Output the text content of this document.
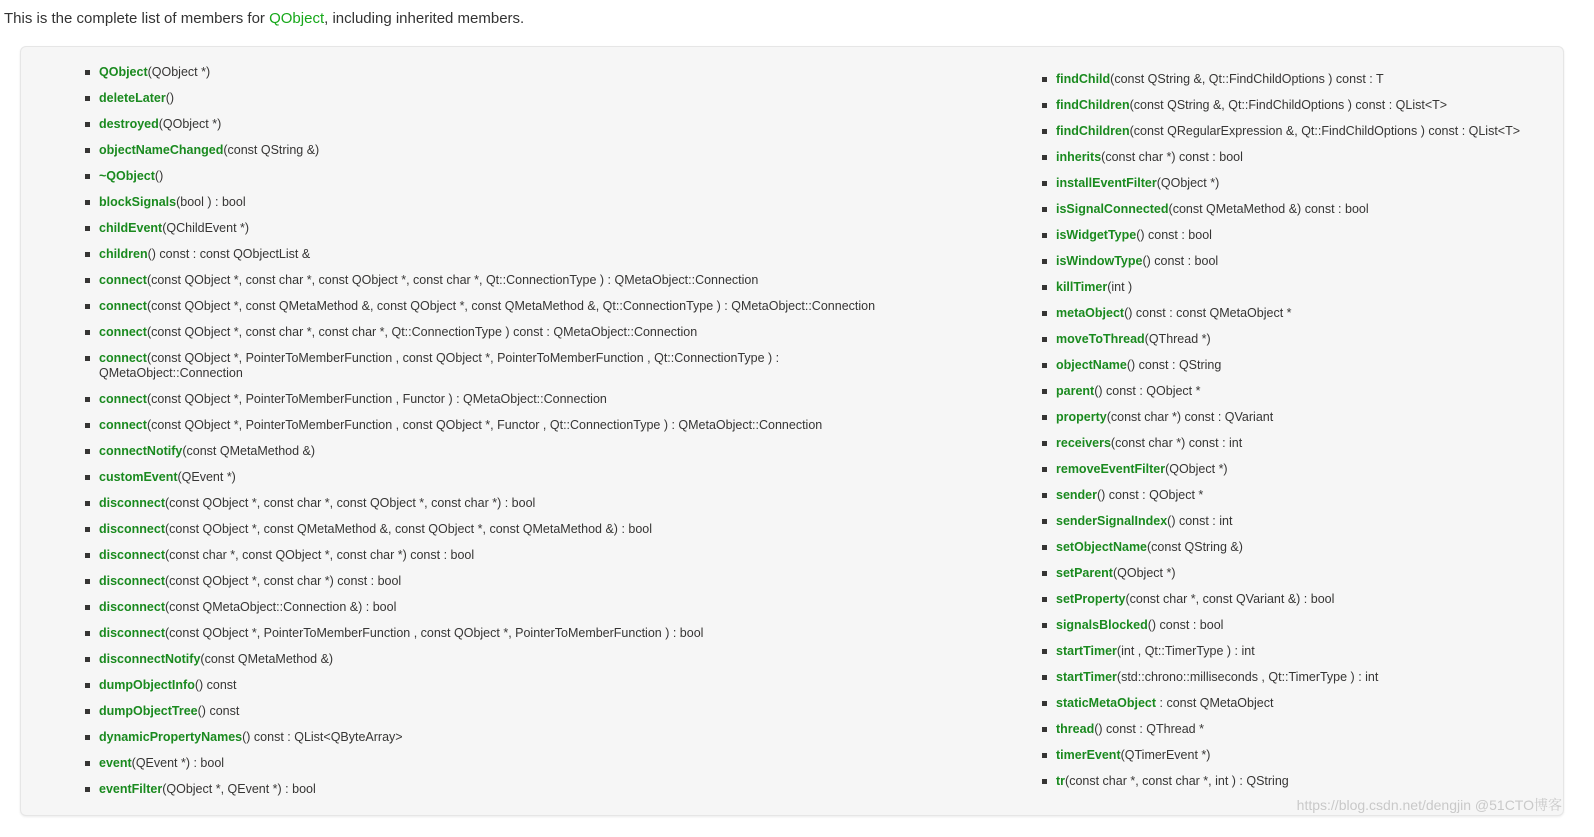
This is the complete list of members for QObject, including inherited members.
QObject(QObject *)
deleteLater()
destroyed(QObject *)
objectNameChanged(const QString &)
~QObject()
blockSignals(bool ) : bool
childEvent(QChildEvent *)
children() const : const QObjectList &
connect(const QObject *, const char *, const QObject *, const char *, Qt::ConnectionType ) : QMetaObject::Connection
connect(const QObject *, const QMetaMethod &, const QObject *, const QMetaMethod &, Qt::ConnectionType ) : QMetaObject::Connection
connect(const QObject *, const char *, const char *, Qt::ConnectionType ) const : QMetaObject::Connection
connect(const QObject *, PointerToMemberFunction , const QObject *, PointerToMemberFunction , Qt::ConnectionType ) : QMetaObject::Connection
connect(const QObject *, PointerToMemberFunction , Functor ) : QMetaObject::Connection
connect(const QObject *, PointerToMemberFunction , const QObject *, Functor , Qt::ConnectionType ) : QMetaObject::Connection
connectNotify(const QMetaMethod &)
customEvent(QEvent *)
disconnect(const QObject *, const char *, const QObject *, const char *) : bool
disconnect(const QObject *, const QMetaMethod &, const QObject *, const QMetaMethod &) : bool
disconnect(const char *, const QObject *, const char *) const : bool
disconnect(const QObject *, const char *) const : bool
disconnect(const QMetaObject::Connection &) : bool
disconnect(const QObject *, PointerToMemberFunction , const QObject *, PointerToMemberFunction ) : bool
disconnectNotify(const QMetaMethod &)
dumpObjectInfo() const
dumpObjectTree() const
dynamicPropertyNames() const : QList<QByteArray>
event(QEvent *) : bool
eventFilter(QObject *, QEvent *) : bool
findChild(const QString &, Qt::FindChildOptions ) const : T
findChildren(const QString &, Qt::FindChildOptions ) const : QList<T>
findChildren(const QRegularExpression &, Qt::FindChildOptions ) const : QList<T>
inherits(const char *) const : bool
installEventFilter(QObject *)
isSignalConnected(const QMetaMethod &) const : bool
isWidgetType() const : bool
isWindowType() const : bool
killTimer(int )
metaObject() const : const QMetaObject *
moveToThread(QThread *)
objectName() const : QString
parent() const : QObject *
property(const char *) const : QVariant
receivers(const char *) const : int
removeEventFilter(QObject *)
sender() const : QObject *
senderSignalIndex() const : int
setObjectName(const QString &)
setParent(QObject *)
setProperty(const char *, const QVariant &) : bool
signalsBlocked() const : bool
startTimer(int , Qt::TimerType ) : int
startTimer(std::chrono::milliseconds , Qt::TimerType ) : int
staticMetaObject : const QMetaObject
thread() const : QThread *
timerEvent(QTimerEvent *)
tr(const char *, const char *, int ) : QString
https://blog.csdn.net/dengjin @51CTO博客
